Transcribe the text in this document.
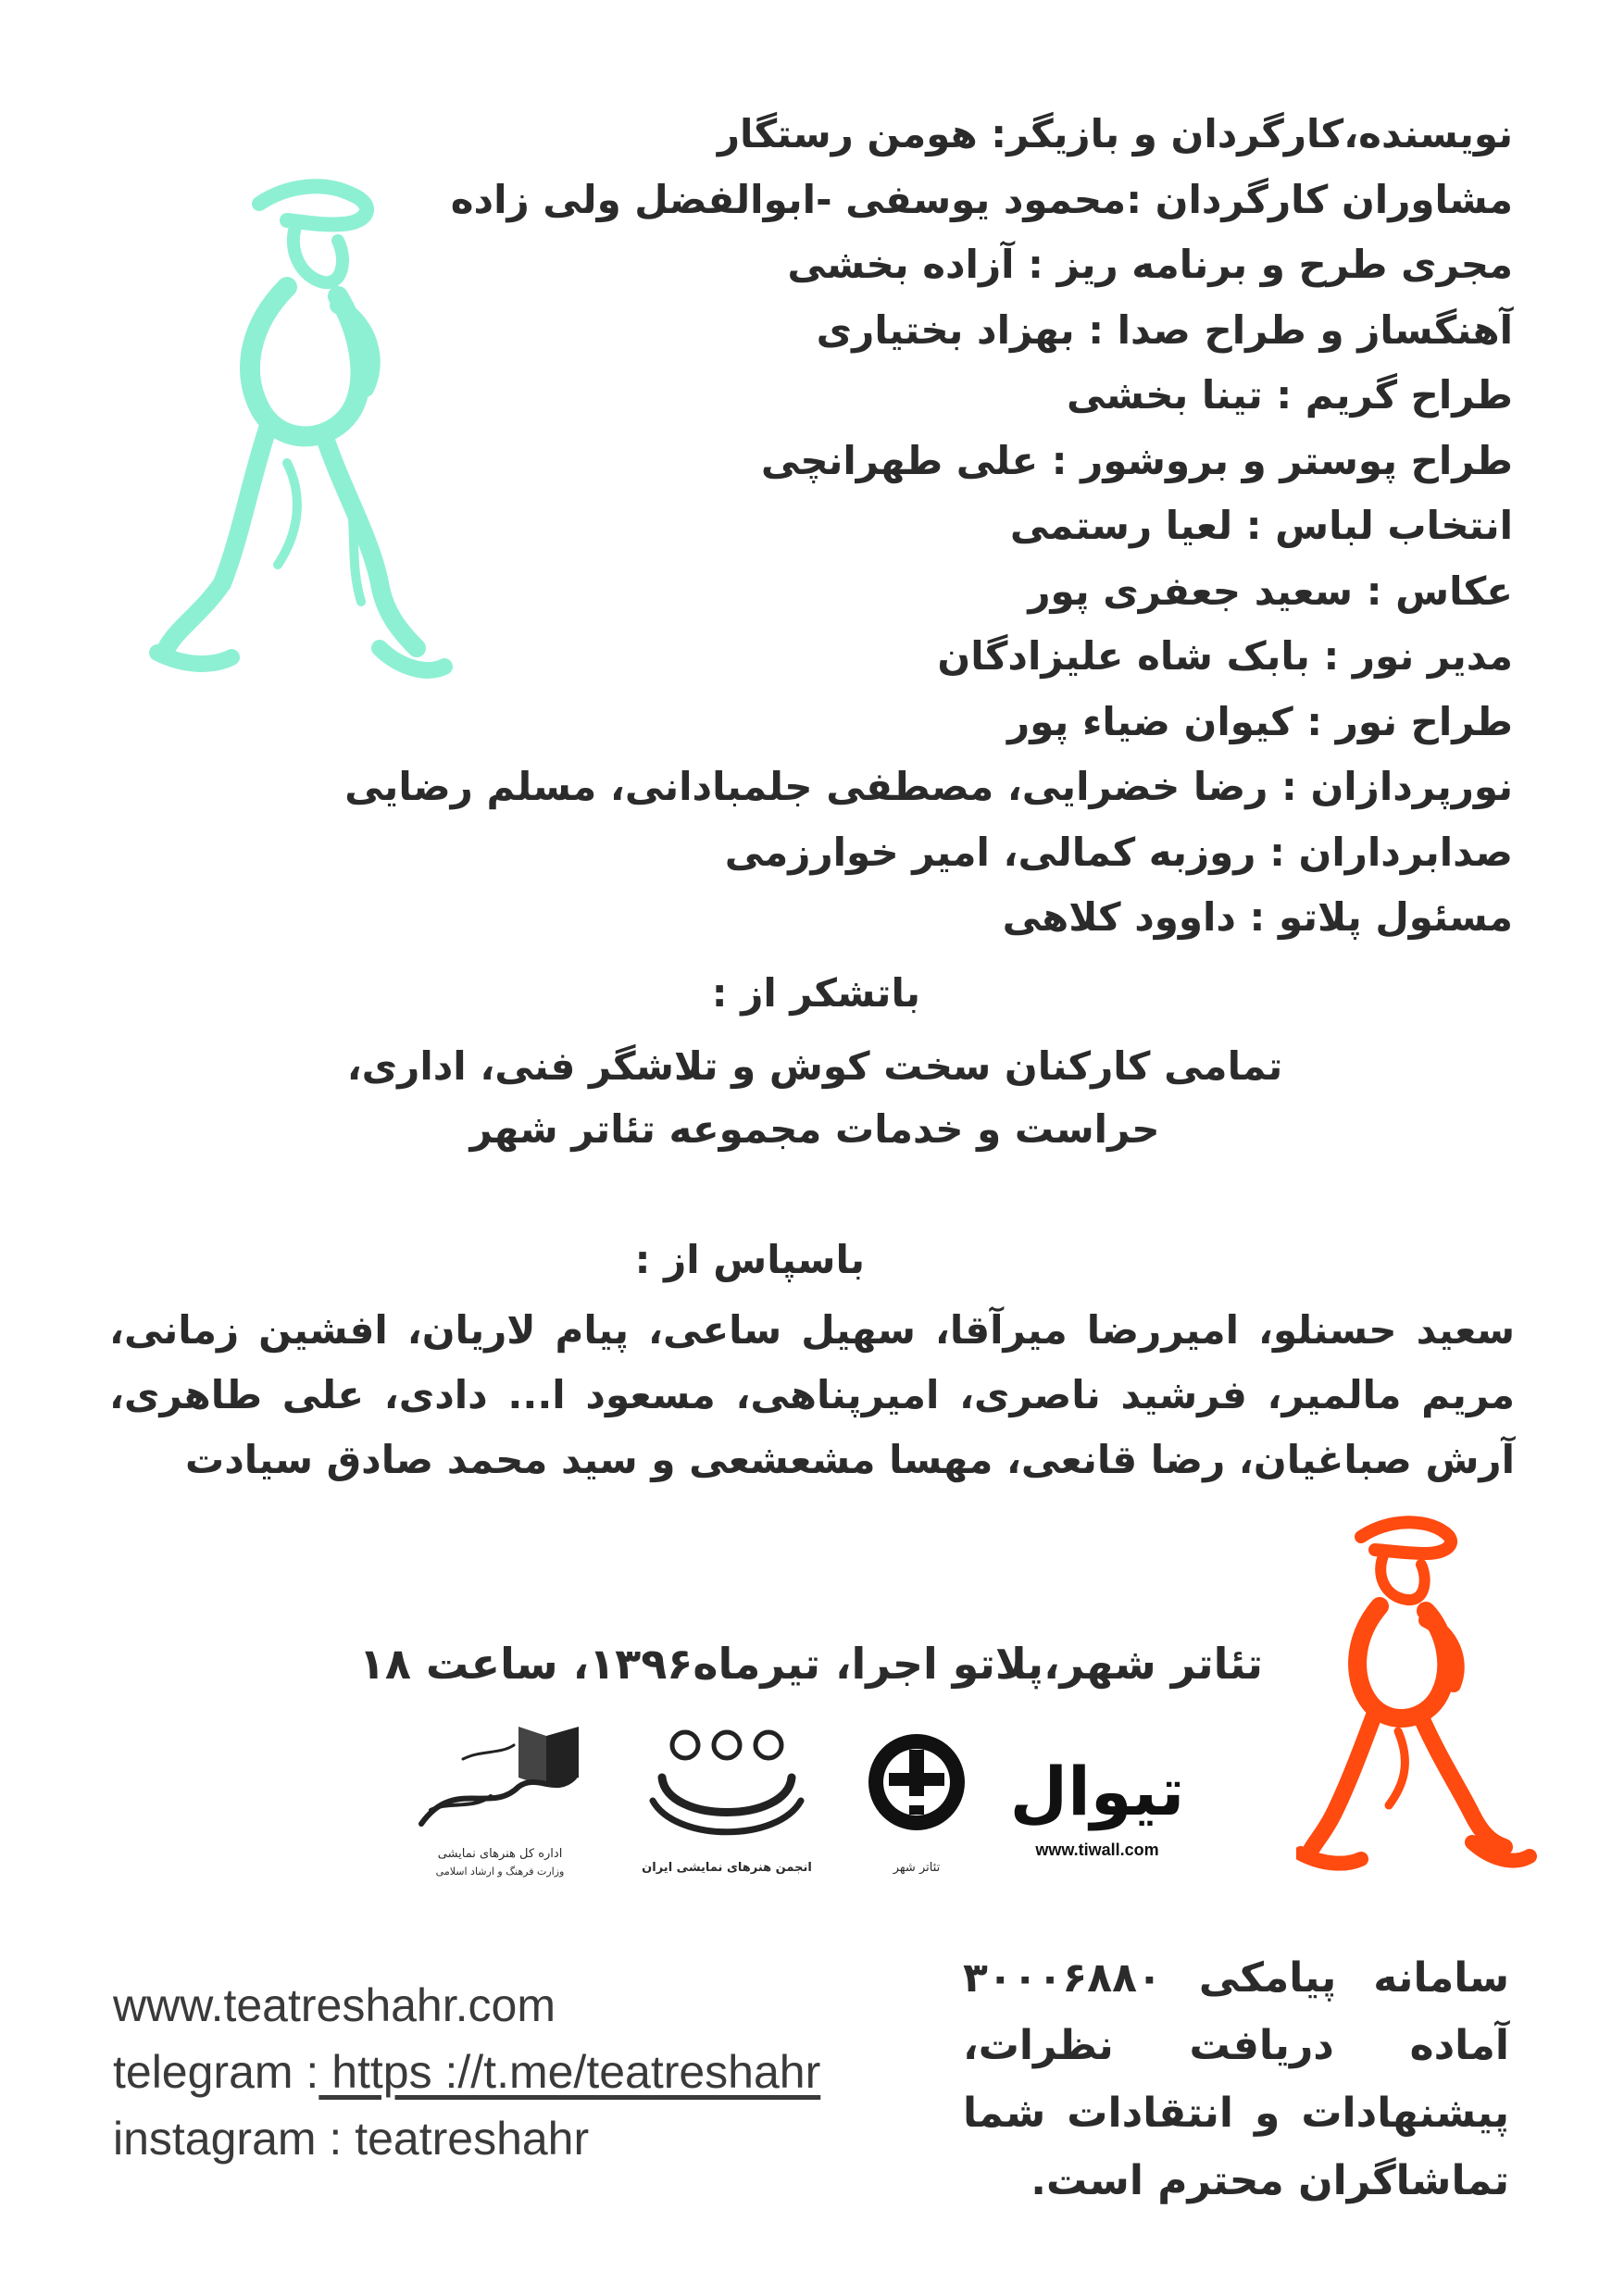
نویسنده،کارگردان و بازیگر: هومن رستگار
مشاوران کارگردان :محمود یوسفی -ابوالفضل ولی زاده
مجری طرح و برنامه ریز : آزاده بخشی
آهنگساز و طراح صدا : بهزاد بختیاری
طراح گریم : تینا بخشی
طراح پوستر و بروشور : علی طهرانچی
انتخاب لباس : لعیا رستمی
عکاس : سعید جعفری پور
مدیر نور : بابک شاه علیزادگان
طراح نور : کیوان ضیاء پور
نورپردازان : رضا خضرایی، مصطفی جلمبادانی، مسلم رضایی
صدابرداران : روزبه کمالی، امیر خوارزمی
مسئول پلاتو : داوود کلاهی
باتشکر از :
تمامی کارکنان سخت کوش و تلاشگر فنی، اداری، حراست و خدمات مجموعه تئاتر شهر
باسپاس از :
سعید حسنلو، امیررضا میرآقا، سهیل ساعی، پیام لاریان، افشین زمانی، مریم مالمیر، فرشید ناصری، امیرپناهی، مسعود ا... دادی، علی طاهری، آرش صباغیان، رضا قانعی، مهسا مشعشعی و سید محمد صادق سیادت
تئاتر شهر،پلاتو اجرا، تیرماه۱۳۹۶، ساعت ۱۸
اداره کل هنرهای نمایشی
وزارت فرهنگ و ارشاد اسلامی	انجمن هنرهای نمایشی ایران	تئاتر شهر
تیوال
www.tiwall.com
www.teatreshahr.com
telegram : https ://t.me/teatreshahr
instagram : teatreshahr
سامانه پیامکی ۳۰۰۰۶۸۸۰ آماده دریافت نظرات، پیشنهادات و انتقادات شما تماشاگران محترم است.
